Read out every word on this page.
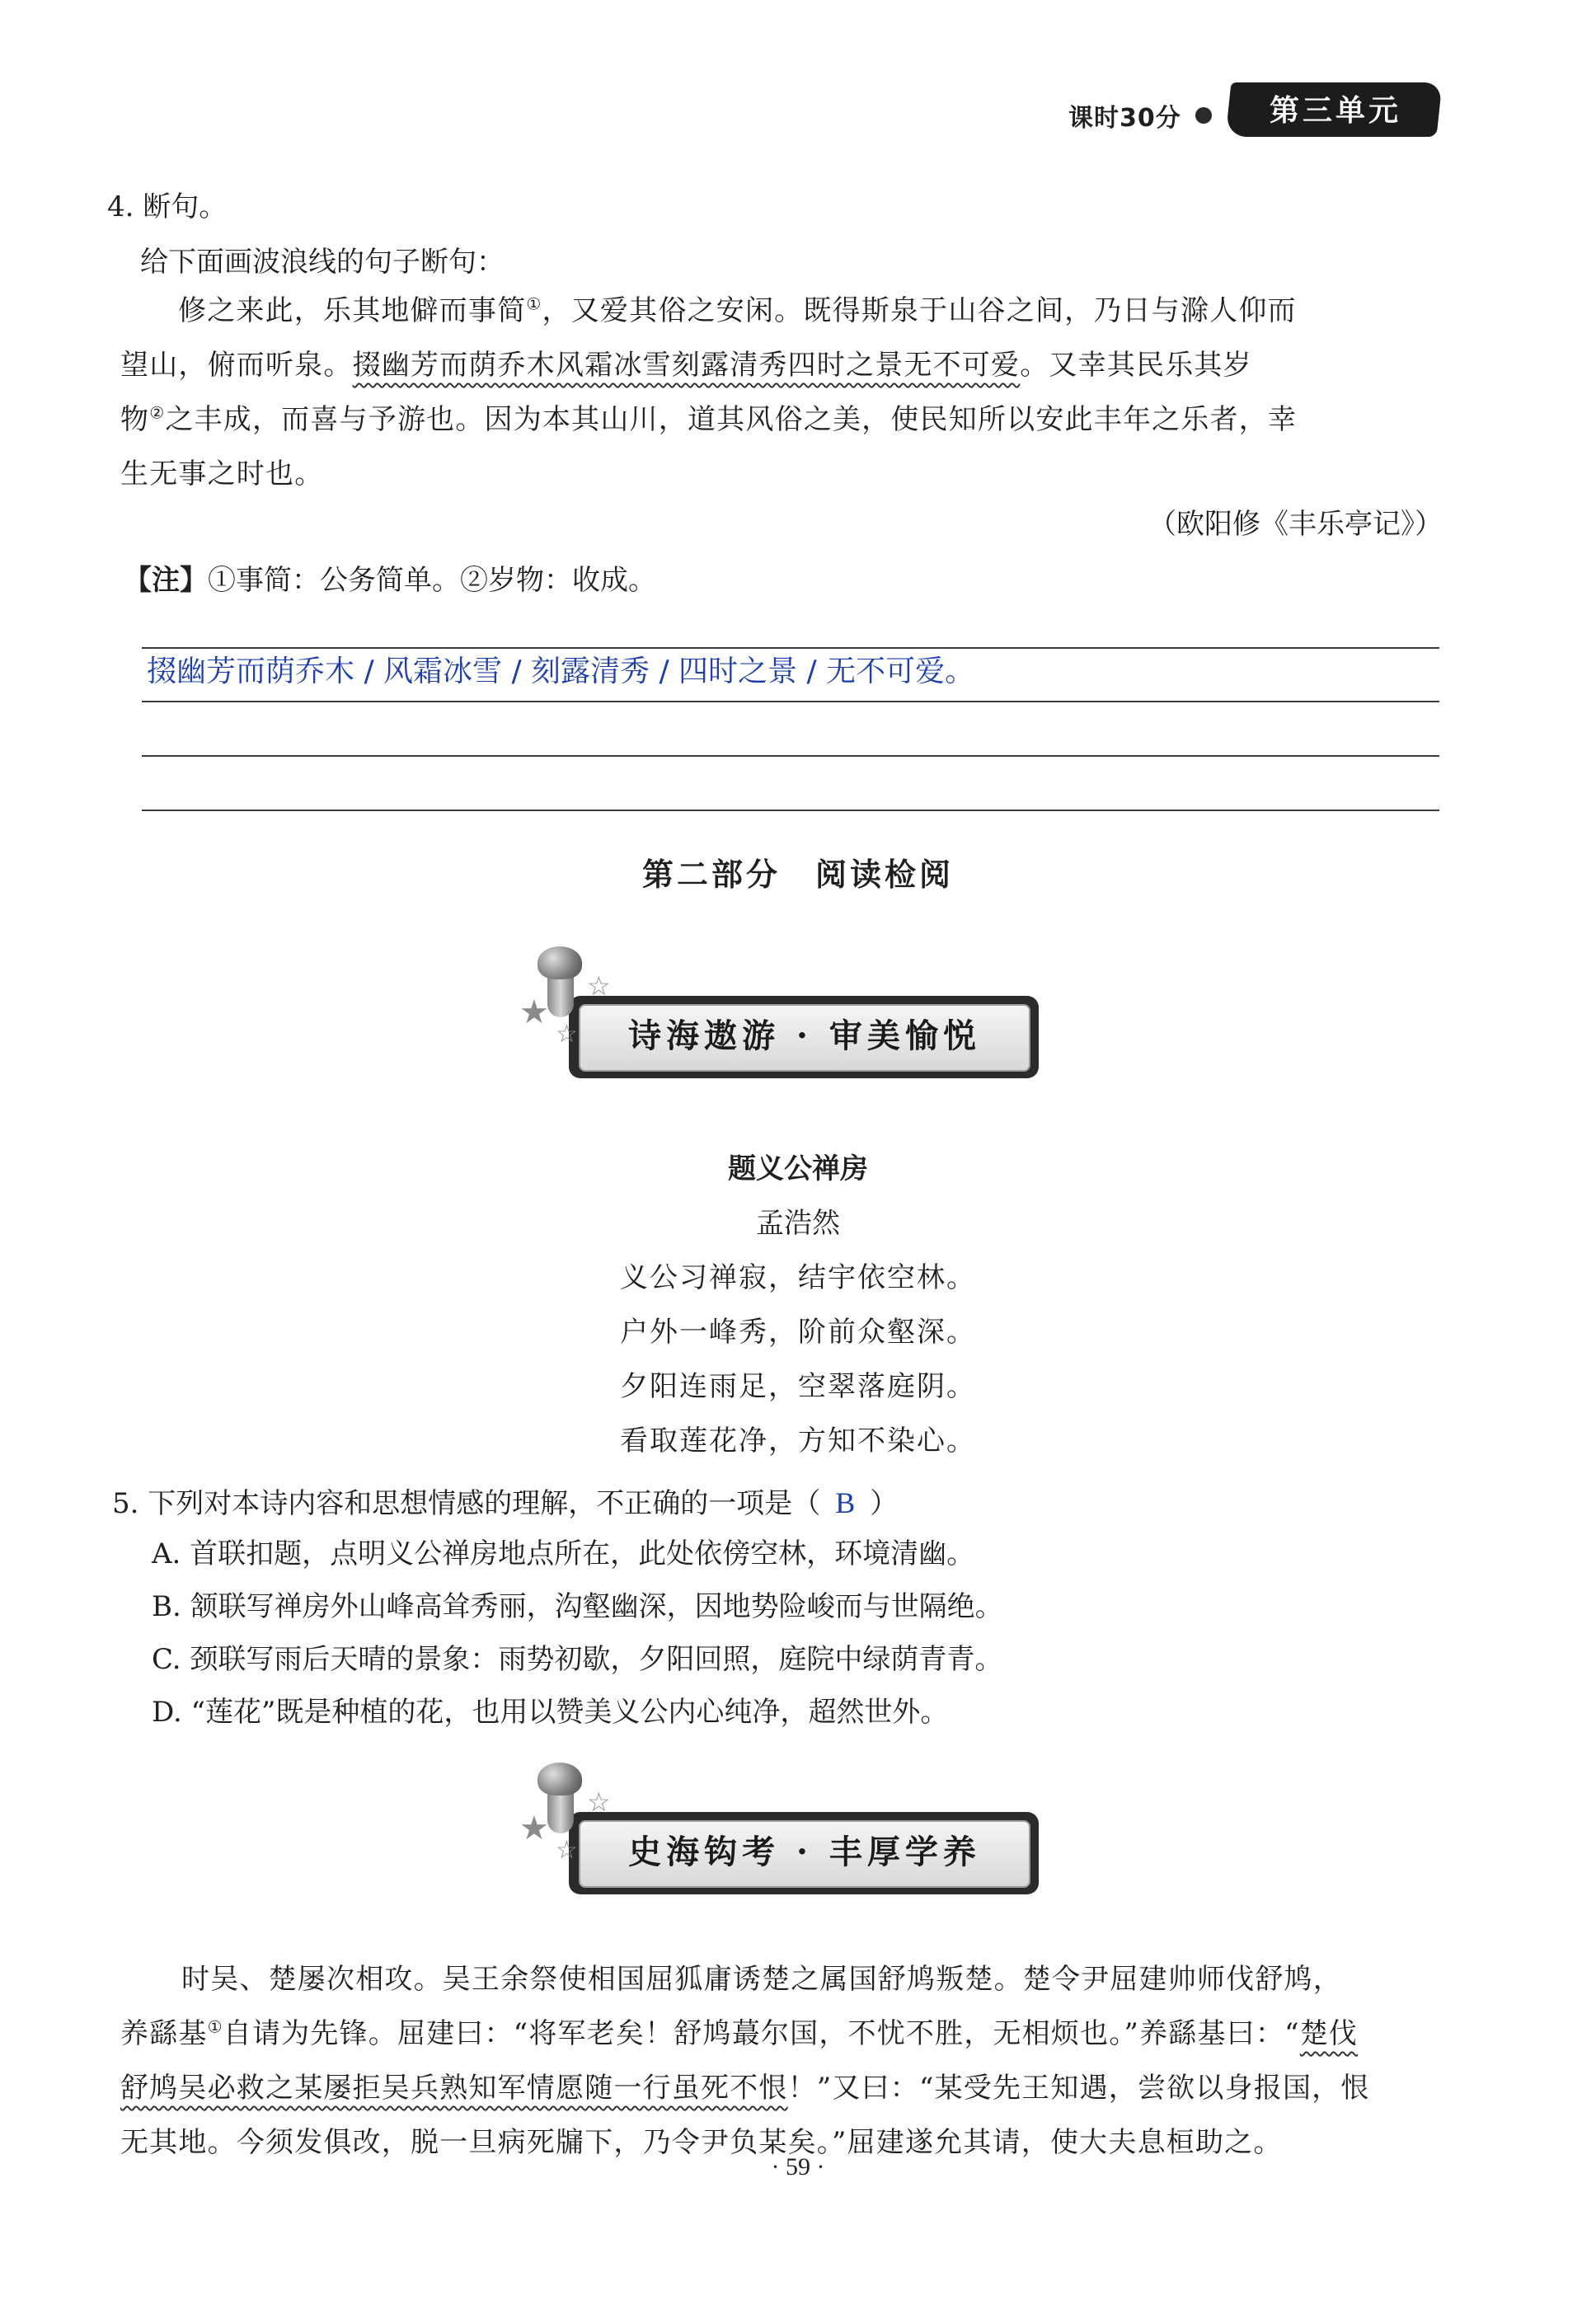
课时30分	第三单元
4. 断句。
给下面画波浪线的句子断句：
修之来此，乐其地僻而事简①，又爱其俗之安闲。既得斯泉于山谷之间，乃日与滁人仰而
望山，俯而听泉。掇幽芳而荫乔木风霜冰雪刻露清秀四时之景无不可爱。又幸其民乐其岁
物②之丰成，而喜与予游也。因为本其山川，道其风俗之美，使民知所以安此丰年之乐者，幸
生无事之时也。
（欧阳修《丰乐亭记》）
【注】①事简：公务简单。②岁物：收成。
掇幽芳而荫乔木 / 风霜冰雪 / 刻露清秀 / 四时之景 / 无不可爱。
第二部分　阅读检阅
★
☆
☆	诗海遨游 · 审美愉悦
题义公禅房
孟浩然
义公习禅寂，结宇依空林。
户外一峰秀，阶前众壑深。
夕阳连雨足，空翠落庭阴。
看取莲花净，方知不染心。
5. 下列对本诗内容和思想情感的理解，不正确的一项是（ B ）
A. 首联扣题，点明义公禅房地点所在，此处依傍空林，环境清幽。
B. 颔联写禅房外山峰高耸秀丽，沟壑幽深，因地势险峻而与世隔绝。
C. 颈联写雨后天晴的景象：雨势初歇，夕阳回照，庭院中绿荫青青。
D. “莲花”既是种植的花，也用以赞美义公内心纯净，超然世外。
★
☆
☆	史海钩考 · 丰厚学养
时吴、楚屡次相攻。吴王余祭使相国屈狐庸诱楚之属国舒鸠叛楚。楚令尹屈建帅师伐舒鸠，
养繇基①自请为先锋。屈建曰：“将军老矣！舒鸠蕞尔国，不忧不胜，无相烦也。”养繇基曰：“楚伐
舒鸠吴必救之某屡拒吴兵熟知军情愿随一行虽死不恨！”又曰：“某受先王知遇，尝欲以身报国，恨
无其地。今须发俱改，脱一旦病死牖下，乃令尹负某矣。”屈建遂允其请，使大夫息桓助之。
· 59 ·
